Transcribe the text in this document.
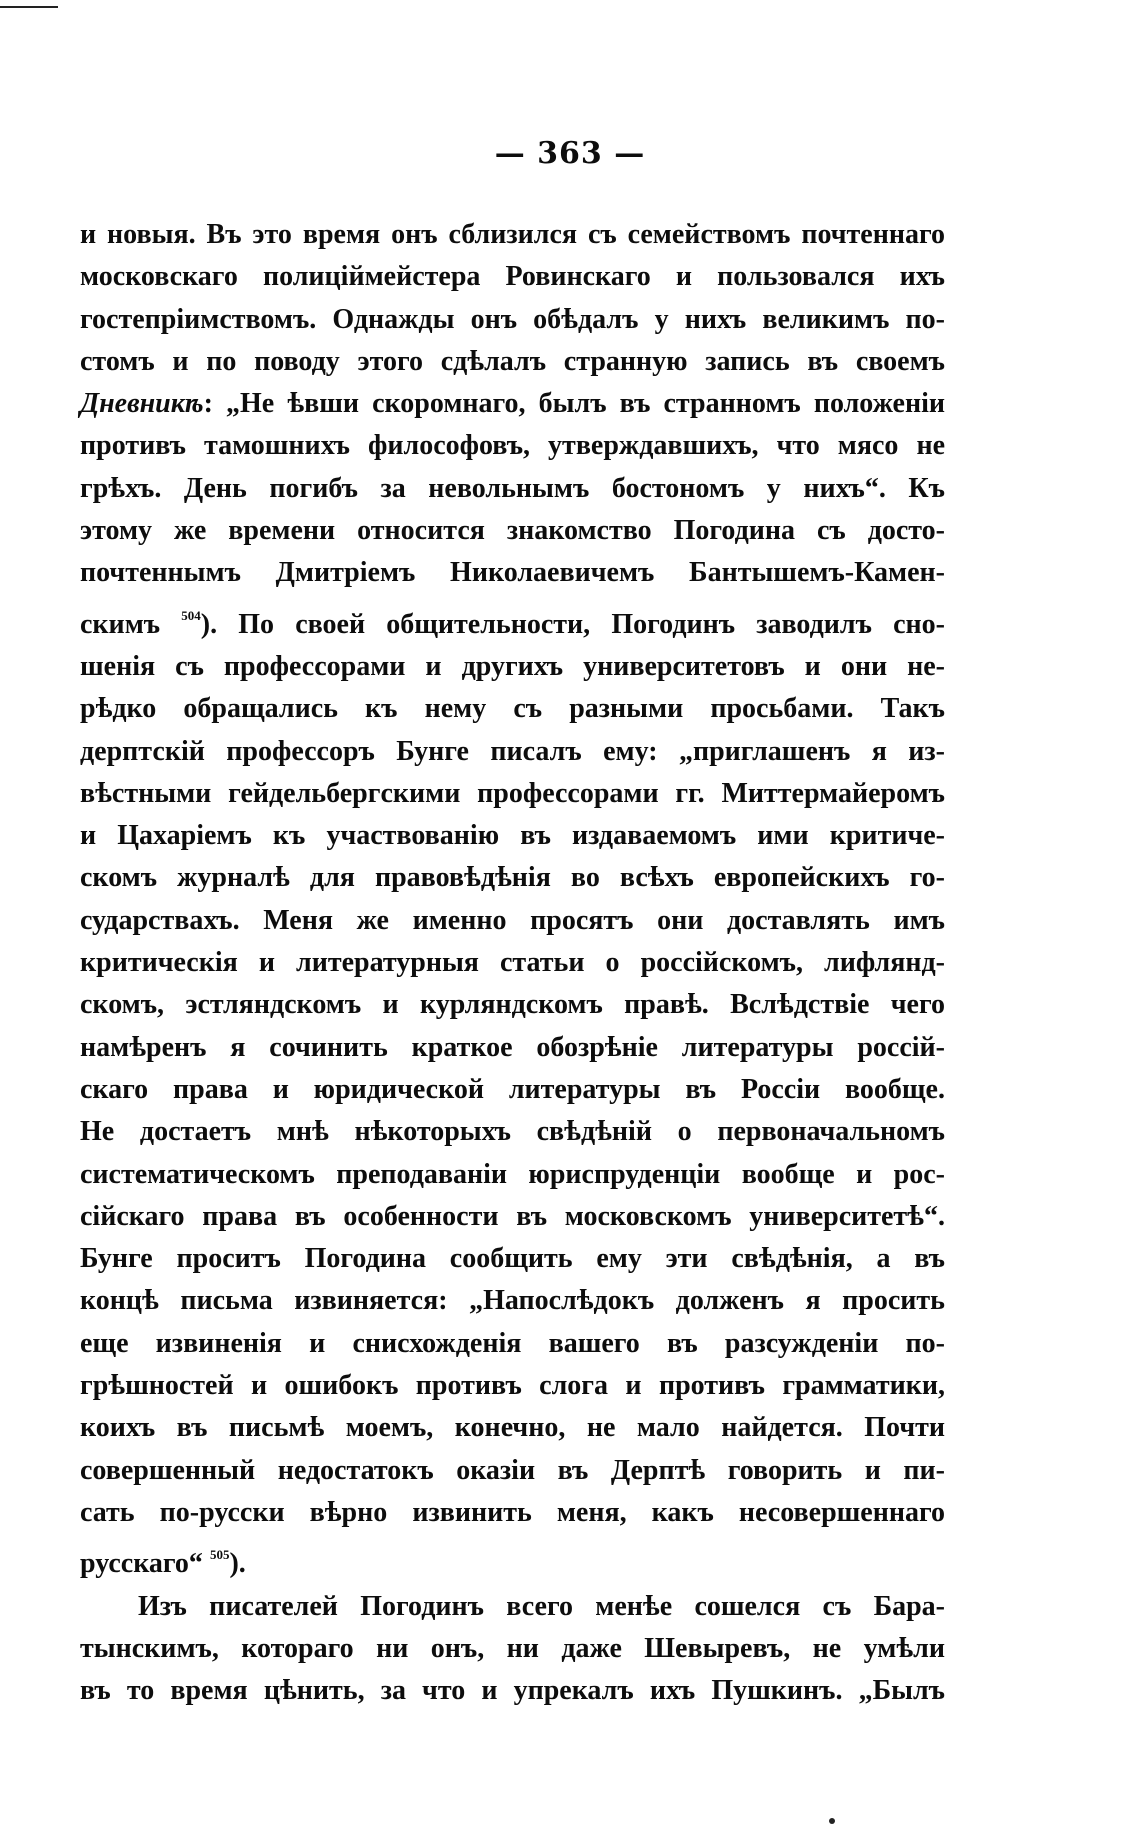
— 363 —
и новыя. Въ это время онъ сблизился съ семействомъ почтеннаго
московскаго полицiймейстера Ровинскаго и пользовался ихъ
гостепрiимствомъ. Однажды онъ обѣдалъ у нихъ великимъ по-
стомъ и по поводу этого сдѣлалъ странную запись въ своемъ
Дневникѣ: „Не ѣвши скоромнаго, былъ въ странномъ положенiи
противъ тамошнихъ философовъ, утверждавшихъ, что мясо не
грѣхъ. День погибъ за невольнымъ бостономъ у нихъ“. Къ
этому же времени относится знакомство Погодина съ досто-
почтеннымъ Дмитрiемъ Николаевичемъ Бантышемъ-Камен-
скимъ $^{504}$). По своей общительности, Погодинъ заводилъ сно-
шенiя съ профессорами и другихъ университетовъ и они не-
рѣдко обращались къ нему съ разными просьбами. Такъ
дерптскiй профессоръ Бунге писалъ ему: „приглашенъ я из-
вѣстными гейдельбергскими профессорами гг. Миттермайеромъ
и Цахарiемъ къ участвованiю въ издаваемомъ ими критиче-
скомъ журналѣ для правовѣдѣнiя во всѣхъ европейскихъ го-
сударствахъ. Меня же именно просятъ они доставлять имъ
критическiя и литературныя статьи о россiйскомъ, лифлянд-
скомъ, эстляндскомъ и курляндскомъ правѣ. Вслѣдствiе чего
намѣренъ я сочинить краткое обозрѣнiе литературы россiй-
скаго права и юридической литературы въ Россiи вообще.
Не достаетъ мнѣ нѣкоторыхъ свѣдѣнiй о первоначальномъ
систематическомъ преподаванiи юриспруденцiи вообще и рос-
сiйскаго права въ особенности въ московскомъ университетѣ“.
Бунге проситъ Погодина сообщить ему эти свѣдѣнiя, а въ
концѣ письма извиняется: „Напослѣдокъ долженъ я просить
еще извиненiя и снисхожденiя вашего въ разсужденiи по-
грѣшностей и ошибокъ противъ слога и противъ грамматики,
коихъ въ письмѣ моемъ, конечно, не мало найдется. Почти
совершенный недостатокъ оказiи въ Дерптѣ говорить и пи-
сать по-русски вѣрно извинить меня, какъ несовершеннаго
русскаго“ $^{505}$).
Изъ писателей Погодинъ всего менѣе сошелся съ Бара-
тынскимъ, котораго ни онъ, ни даже Шевыревъ, не умѣли
въ то время цѣнить, за что и упрекалъ ихъ Пушкинъ. „Былъ
